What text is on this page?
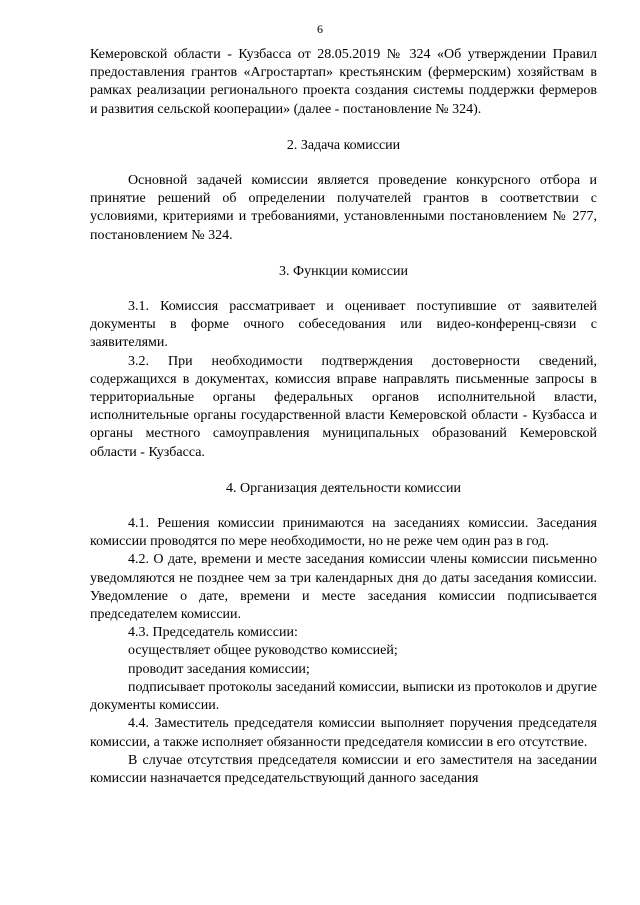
6

Кемеровской области - Кузбасса от 28.05.2019 № 324 «Об утверждении Правил предоставления грантов «Агростартап» крестьянским (фермерским) хозяйствам в рамках реализации регионального проекта создания системы поддержки фермеров и развития сельской кооперации» (далее - постановление № 324).

2. Задача комиссии

Основной задачей комиссии является проведение конкурсного отбора и принятие решений об определении получателей грантов в соответствии с условиями, критериями и требованиями, установленными постановлением № 277, постановлением № 324.

3. Функции комиссии

3.1. Комиссия рассматривает и оценивает поступившие от заявителей документы в форме очного собеседования или видео-конференц-связи с заявителями.

3.2. При необходимости подтверждения достоверности сведений, содержащихся в документах, комиссия вправе направлять письменные запросы в территориальные органы федеральных органов исполнительной власти, исполнительные органы государственной власти Кемеровской области - Кузбасса и органы местного самоуправления муниципальных образований Кемеровской области - Кузбасса.

4. Организация деятельности комиссии

4.1. Решения комиссии принимаются на заседаниях комиссии. Заседания комиссии проводятся по мере необходимости, но не реже чем один раз в год.

4.2. О дате, времени и месте заседания комиссии члены комиссии письменно уведомляются не позднее чем за три календарных дня до даты заседания комиссии. Уведомление о дате, времени и месте заседания комиссии подписывается председателем комиссии.

4.3. Председатель комиссии:

осуществляет общее руководство комиссией;

проводит заседания комиссии;

подписывает протоколы заседаний комиссии, выписки из протоколов и другие документы комиссии.

4.4. Заместитель председателя комиссии выполняет поручения председателя комиссии, а также исполняет обязанности председателя комиссии в его отсутствие.

В случае отсутствия председателя комиссии и его заместителя на заседании комиссии назначается председательствующий данного заседания
